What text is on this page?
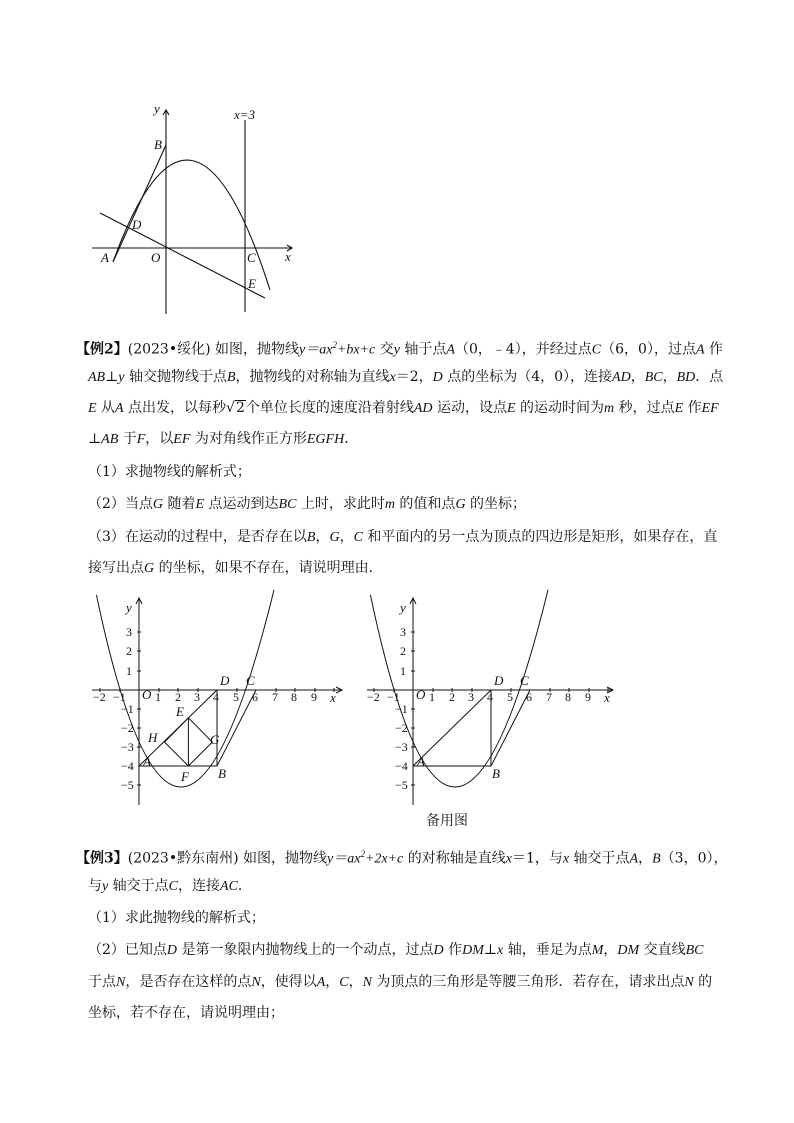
y
x
x=3
B
D
A	O	C
E
【例2】(2023•绥化) 如图，抛物线$y=ax^2+bx+c$ 交y 轴于点A（0，﹣4），并经过点C（6，0），过点A 作
AB⊥y 轴交抛物线于点B，抛物线的对称轴为直线x＝2，D 点的坐标为（4，0），连接AD，BC，BD．点
E 从A 点出发，以每秒√2个单位长度的速度沿着射线AD 运动，设点E 的运动时间为m 秒，过点E 作EF
⊥AB 于F，以EF 为对角线作正方形EGFH．
（1）求抛物线的解析式；
（2）当点G 随着E 点运动到达BC 上时，求此时m 的值和点G 的坐标；
（3）在运动的过程中，是否存在以B，G，C 和平面内的另一点为顶点的四边形是矩形，如果存在，直
接写出点G 的坐标，如果不存在，请说明理由．
−2 −1 1 2 3 4 5 6 7 8 9
3
2
1
−1
−2
−3
−4
−5
y
x
O
D C
E
H	G
A
F B
−2 −1 1 2 3 4 5 6 7 8 9
3
2
1
−1
−2
−3
−4
−5
y
x
O
D C
A
B
备用图
【例3】(2023•黔东南州) 如图，抛物线$y=ax^2+2x+c$ 的对称轴是直线x＝1，与x 轴交于点A，B（3，0），
与y 轴交于点C，连接AC．
（1）求此抛物线的解析式；
（2）已知点D 是第一象限内抛物线上的一个动点，过点D 作DM⊥x 轴，垂足为点M，DM 交直线BC
于点N，是否存在这样的点N，使得以A，C，N 为顶点的三角形是等腰三角形．若存在，请求出点N 的
坐标，若不存在，请说明理由；
